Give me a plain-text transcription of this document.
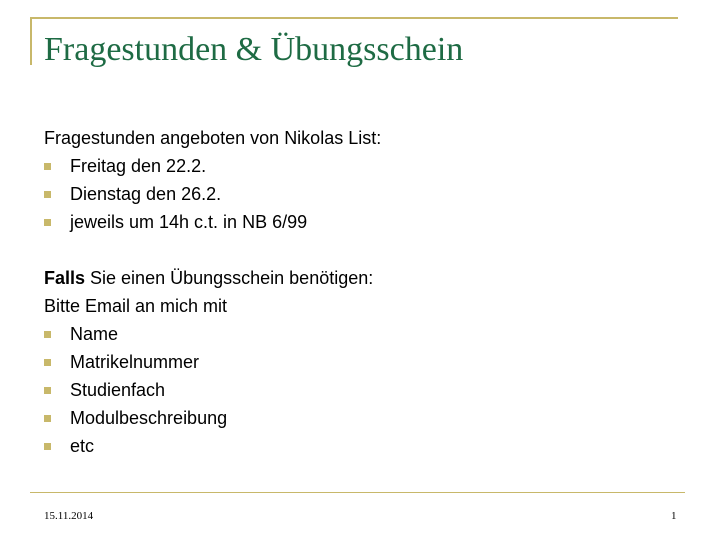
Fragestunden & Übungsschein
Fragestunden angeboten von Nikolas List:
Freitag den 22.2.
Dienstag den 26.2.
jeweils um 14h c.t. in NB 6/99
Falls Sie einen Übungsschein benötigen:
Bitte Email an mich mit
Name
Matrikelnummer
Studienfach
Modulbeschreibung
etc
15.11.2014	1
